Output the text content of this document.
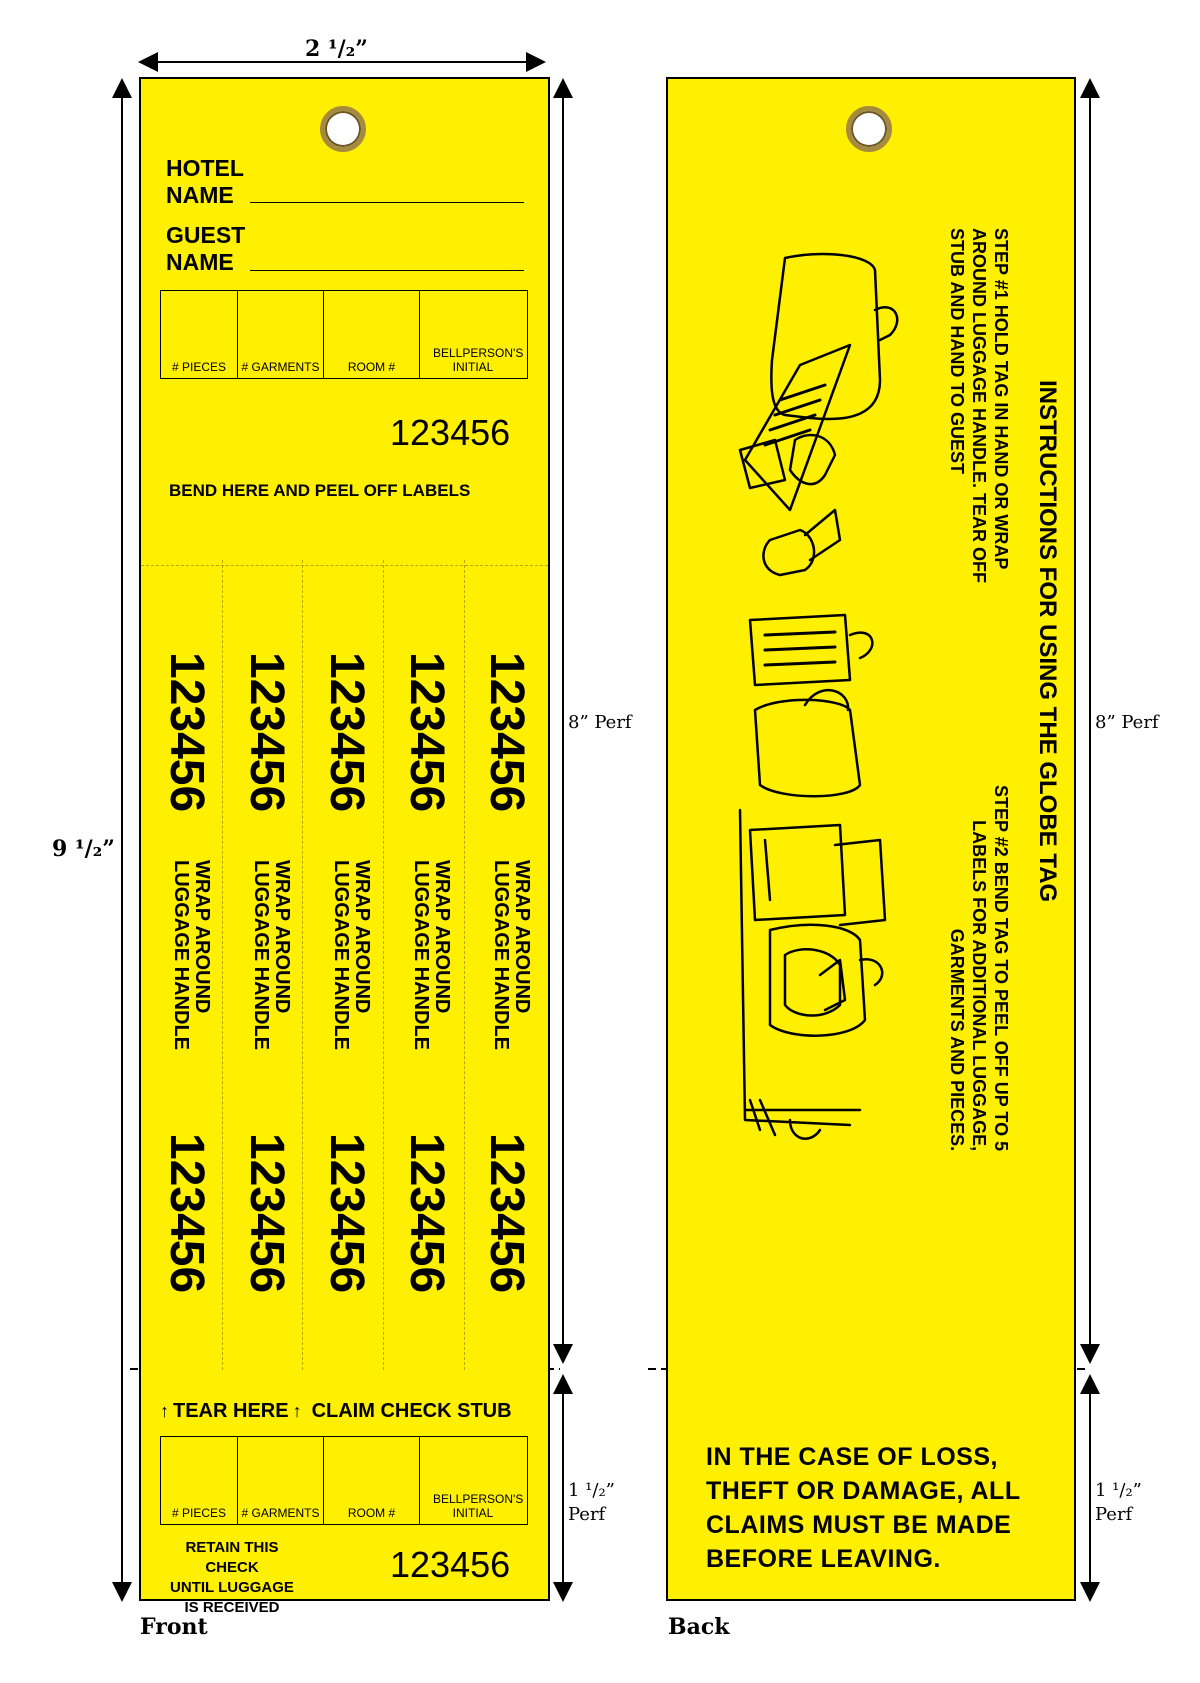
2 ¹/₂”
9 ¹/₂”
8” Perf
1 ¹/₂”
Perf
8” Perf
1 ¹/₂”
Perf
Front	Back
HOTEL
NAME
GUEST
NAME
# PIECES # GARMENTS ROOM #
BELLPERSON'S INITIAL
123456
BEND HERE AND PEEL OFF LABELS
123456
WRAP AROUND
LUGGAGE HANDLE
123456
123456
WRAP AROUND
LUGGAGE HANDLE
123456
123456
WRAP AROUND
LUGGAGE HANDLE
123456
123456
WRAP AROUND
LUGGAGE HANDLE
123456
123456
WRAP AROUND
LUGGAGE HANDLE
123456
↑ TEAR HERE ↑ CLAIM CHECK STUB
# PIECES # GARMENTS ROOM #
BELLPERSON'S INITIAL
RETAIN THIS CHECK
UNTIL LUGGAGE
IS RECEIVED
123456
INSTRUCTIONS FOR USING THE GLOBE TAG
STEP #1 HOLD TAG IN HAND OR WRAP
AROUND LUGGAGE HANDLE. TEAR OFF
STUB AND HAND TO GUEST
STEP #2 BEND TAG TO PEEL OFF UP TO 5
LABELS FOR ADDITIONAL LUGGAGE,
GARMENTS AND PIECES.
IN THE CASE OF LOSS,
THEFT OR DAMAGE, ALL
CLAIMS MUST BE MADE
BEFORE LEAVING.
